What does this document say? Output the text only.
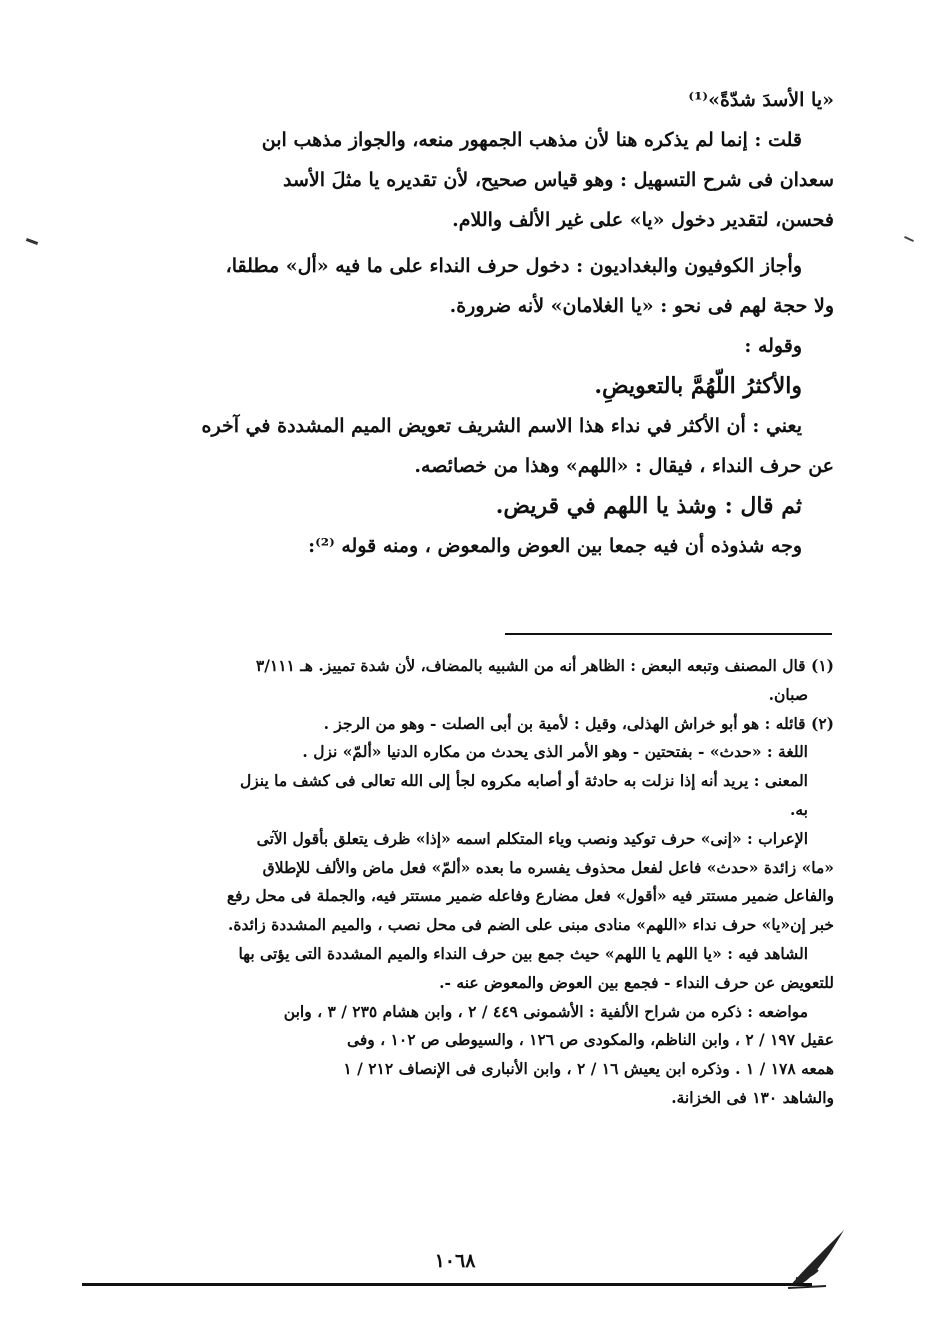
«يا الأسدَ شدّةً»⁽¹⁾

قلت : إنما لم يذكره هنا لأن مذهب الجمهور منعه، والجواز مذهب ابن

سعدان فى شرح التسهيل : وهو قياس صحيح، لأن تقديره يا مثلَ الأسد

فحسن، لتقدير دخول «يا» على غير الألف واللام.

وأجاز الكوفيون والبغداديون : دخول حرف النداء على ما فيه «أل» مطلقا،

ولا حجة لهم فى نحو : «يا الغلامان» لأنه ضرورة.

وقوله :

والأكثرُ اللّهُمَّ بالتعويضِ.

يعني : أن الأكثر في نداء هذا الاسم الشريف تعويض الميم المشددة في آخره

عن حرف النداء ، فيقال : «اللهم» وهذا من خصائصه.

ثم قال : وشذ يا اللهم في قريض.

وجه شذوذه أن فيه جمعا بين العوض والمعوض ، ومنه قوله ⁽²⁾:

(١) قال المصنف وتبعه البعض : الظاهر أنه من الشبيه بالمضاف، لأن شدة تمييز. هـ ٣/١١١

صبان.

(٢) قائله : هو أبو خراش الهذلى، وقيل : لأمية بن أبى الصلت - وهو من الرجز .

اللغة : «حدث» - بفتحتين - وهو الأمر الذى يحدث من مكاره الدنيا «ألمّ» نزل .

المعنى : يريد أنه إذا نزلت به حادثة أو أصابه مكروه لجأ إلى الله تعالى فى كشف ما ينزل

به.

الإعراب : «إنى» حرف توكيد ونصب وياء المتكلم اسمه «إذا» ظرف يتعلق بأقول الآتى

«ما» زائدة «حدث» فاعل لفعل محذوف يفسره ما بعده «ألمّ» فعل ماض والألف للإطلاق

والفاعل ضمير مستتر فيه «أقول» فعل مضارع وفاعله ضمير مستتر فيه، والجملة فى محل رفع

خبر إن«يا» حرف نداء «اللهم» منادى مبنى على الضم فى محل نصب ، والميم المشددة زائدة.

الشاهد فيه : «يا اللهم يا اللهم» حيث جمع بين حرف النداء والميم المشددة التى يؤتى بها

للتعويض عن حرف النداء - فجمع بين العوض والمعوض عنه -.

مواضعه : ذكره من شراح الألفية : الأشمونى ٤٤٩ / ٢ ، وابن هشام ٢٣٥ / ٣ ، وابن

عقيل ١٩٧ / ٢ ، وابن الناظم، والمكودى ص ١٢٦ ، والسيوطى ص ١٠٢ ، وفى

همعه ١٧٨ / ١ . وذكره ابن يعيش ١٦ / ٢ ، وابن الأنبارى فى الإنصاف ٢١٢ / ١

والشاهد ١٣٠ فى الخزانة.

١٠٦٨
